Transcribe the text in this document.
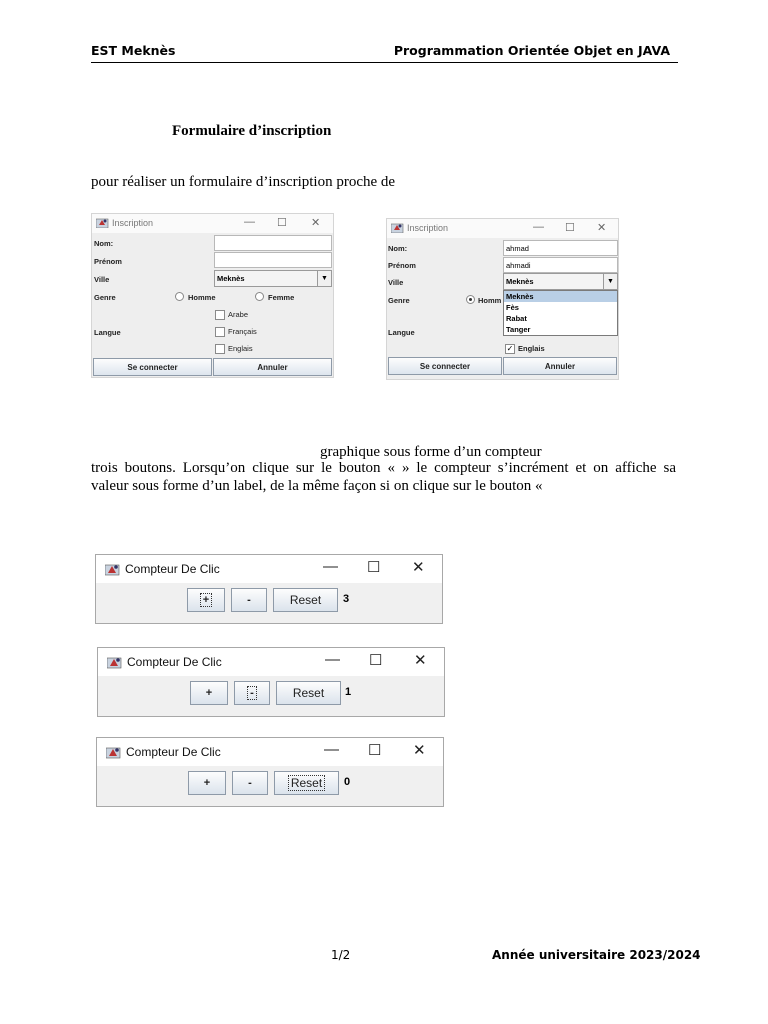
EST Meknès	Programmation Orientée Objet en JAVA
Formulaire d’inscription
pour réaliser un formulaire d’inscription proche de
Inscription	— ☐ ✕
Nom:
Prénom
Ville	Meknès	▼
Genre	Homme	Femme
Arabe
Langue	Français
Englais
Se connecter	Annuler
Inscription	— ☐ ✕
Nom:	ahmad
Prénom	ahmadi
Ville	Meknès	▼
Meknès
Fès
Rabat
Tanger
Genre	Homm
Langue
✓ Englais
Se connecter	Annuler
graphique sous forme d’un compteur
trois boutons. Lorsqu’on clique sur le bouton « » le compteur s’incrément et on affiche sa
valeur sous forme d’un label, de la même façon si on clique sur le bouton «
Compteur De Clic	— ☐ ✕
+	-	Reset	3
Compteur De Clic	— ☐ ✕
+	-	Reset	1
Compteur De Clic	— ☐ ✕
+	-	Reset	0
1/2	Année universitaire 2023/2024
